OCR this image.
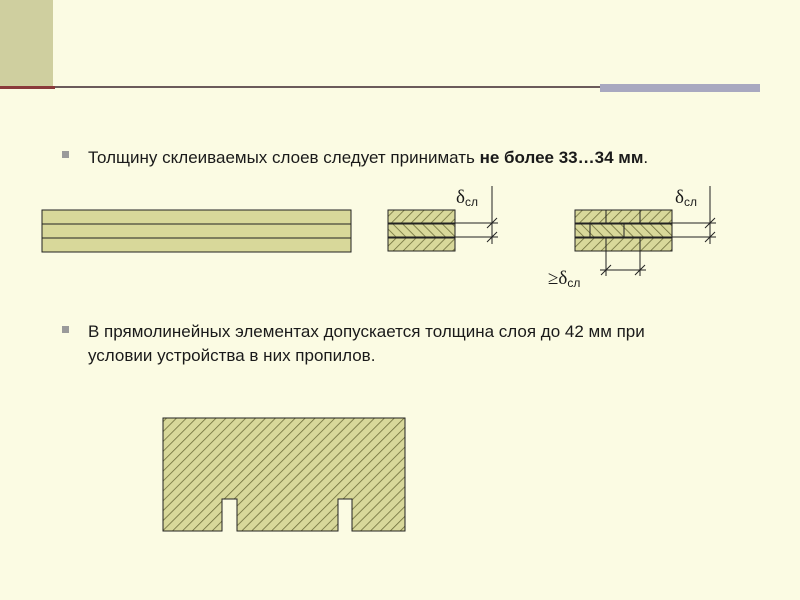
Толщину склеиваемых слоев следует принимать не более 33…34 мм.
В прямолинейных элементах допускается толщина слоя до 42 мм при
условии устройства в них пропилов.
δсл	δсл
≥δсл
